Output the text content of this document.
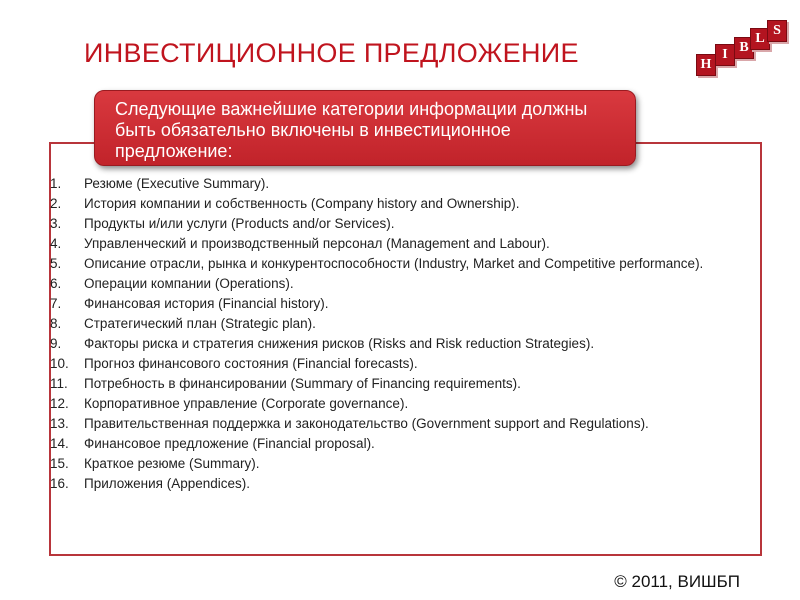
ИНВЕСТИЦИОННОЕ ПРЕДЛОЖЕНИЕ	H
I B
L
S
Следующие важнейшие категории информации должны быть обязательно включены в инвестиционное предложение:
1.	Резюме (Executive Summary).
2.	История компании и собственность (Company history and Ownership).
3.	Продукты и/или услуги (Products and/or Services).
4.	Управленческий и производственный персонал (Management and Labour).
5.	Описание отрасли, рынка и конкурентоспособности (Industry, Market and Competitive performance).
6.	Операции компании (Operations).
7.	Финансовая история (Financial history).
8.	Стратегический план (Strategic plan).
9.	Факторы риска и стратегия снижения рисков (Risks and Risk reduction Strategies).
10.	Прогноз финансового состояния (Financial forecasts).
11.	Потребность в финансировании (Summary of Financing requirements).
12.	Корпоративное управление (Corporate governance).
13.	Правительственная поддержка и законодательство (Government support and Regulations).
14.	Финансовое предложение (Financial proposal).
15.	Краткое резюме (Summary).
16.	Приложения (Appendices).
© 2011, ВИШБП
